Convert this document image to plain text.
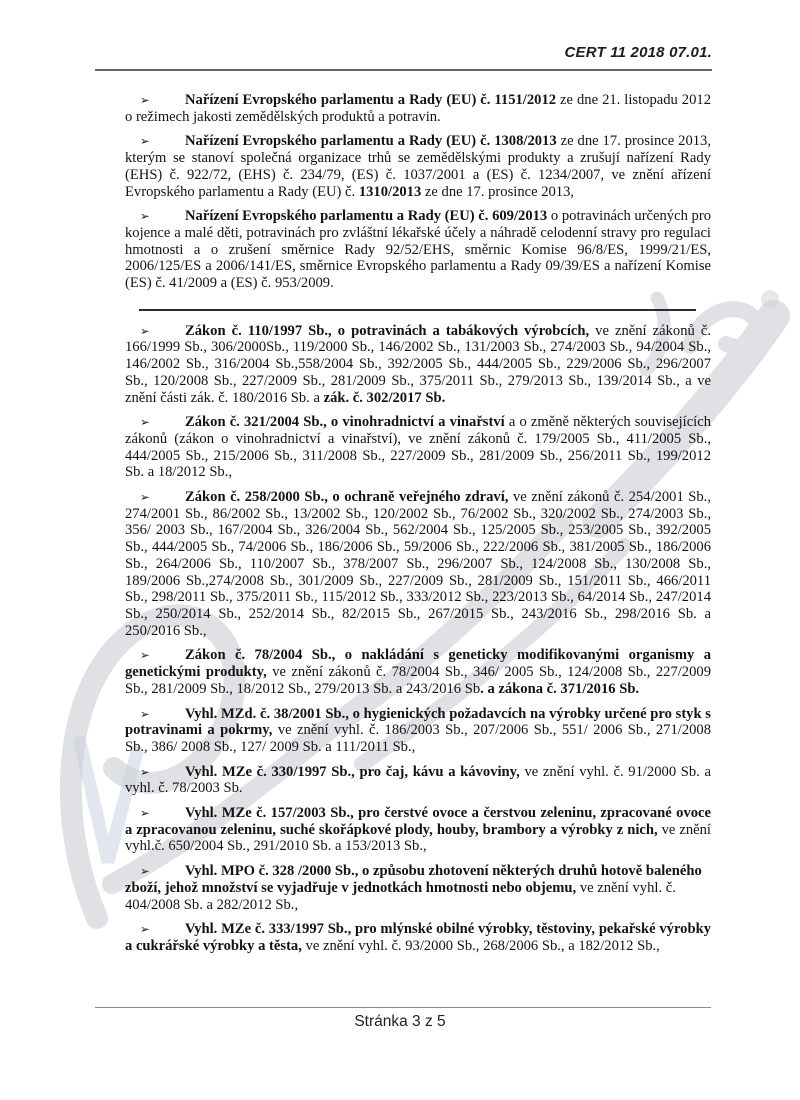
CERT 11 2018 07.01.

➢ Nařízení Evropského parlamentu a Rady (EU) č. 1151/2012 ze dne 21. listopadu 2012 o režimech jakosti zemědělských produktů a potravin.

➢ Nařízení Evropského parlamentu a Rady (EU) č. 1308/2013 ze dne 17. prosince 2013, kterým se stanoví společná organizace trhů se zemědělskými produkty a zrušují nařízení Rady (EHS) č. 922/72, (EHS) č. 234/79, (ES) č. 1037/2001 a (ES) č. 1234/2007, ve znění ařízení Evropského parlamentu a Rady (EU) č. 1310/2013 ze dne 17. prosince 2013,

➢ Nařízení Evropského parlamentu a Rady (EU) č. 609/2013 o potravinách určených pro kojence a malé děti, potravinách pro zvláštní lékařské účely a náhradě celodenní stravy pro regulaci hmotnosti a o zrušení směrnice Rady 92/52/EHS, směrnic Komise 96/8/ES, 1999/21/ES, 2006/125/ES a 2006/141/ES, směrnice Evropského parlamentu a Rady 09/39/ES a nařízení Komise (ES) č. 41/2009 a (ES) č. 953/2009.

➢ Zákon č. 110/1997 Sb., o potravinách a tabákových výrobcích, ve znění zákonů č. 166/1999 Sb., 306/2000Sb., 119/2000 Sb., 146/2002 Sb., 131/2003 Sb., 274/2003 Sb., 94/2004 Sb., 146/2002 Sb., 316/2004 Sb.,558/2004 Sb., 392/2005 Sb., 444/2005 Sb., 229/2006 Sb., 296/2007 Sb., 120/2008 Sb., 227/2009 Sb., 281/2009 Sb., 375/2011 Sb., 279/2013 Sb., 139/2014 Sb., a ve znění části zák. č. 180/2016 Sb. a zák. č. 302/2017 Sb.

➢ Zákon č. 321/2004 Sb., o vinohradnictví a vinařství a o změně některých souvisejících zákonů (zákon o vinohradnictví a vinařství), ve znění zákonů č. 179/2005 Sb., 411/2005 Sb., 444/2005 Sb., 215/2006 Sb., 311/2008 Sb., 227/2009 Sb., 281/2009 Sb., 256/2011 Sb., 199/2012 Sb. a 18/2012 Sb.,

➢ Zákon č. 258/2000 Sb., o ochraně veřejného zdraví, ve znění zákonů č. 254/2001 Sb., 274/2001 Sb., 86/2002 Sb., 13/2002 Sb., 120/2002 Sb., 76/2002 Sb., 320/2002 Sb., 274/2003 Sb., 356/ 2003 Sb., 167/2004 Sb., 326/2004 Sb., 562/2004 Sb., 125/2005 Sb., 253/2005 Sb., 392/2005 Sb., 444/2005 Sb., 74/2006 Sb., 186/2006 Sb., 59/2006 Sb., 222/2006 Sb., 381/2005 Sb., 186/2006 Sb., 264/2006 Sb., 110/2007 Sb., 378/2007 Sb., 296/2007 Sb., 124/2008 Sb., 130/2008 Sb., 189/2006 Sb.,274/2008 Sb., 301/2009 Sb., 227/2009 Sb., 281/2009 Sb., 151/2011 Sb., 466/2011 Sb., 298/2011 Sb., 375/2011 Sb., 115/2012 Sb., 333/2012 Sb., 223/2013 Sb., 64/2014 Sb., 247/2014 Sb., 250/2014 Sb., 252/2014 Sb., 82/2015 Sb., 267/2015 Sb., 243/2016 Sb., 298/2016 Sb. a 250/2016 Sb.,

➢ Zákon č. 78/2004 Sb., o nakládání s geneticky modifikovanými organismy a genetickými produkty, ve znění zákonů č. 78/2004 Sb., 346/ 2005 Sb., 124/2008 Sb., 227/2009 Sb., 281/2009 Sb., 18/2012 Sb., 279/2013 Sb. a 243/2016 Sb. a zákona č. 371/2016 Sb.

➢ Vyhl. MZd. č. 38/2001 Sb., o hygienických požadavcích na výrobky určené pro styk s potravinami a pokrmy, ve znění vyhl. č. 186/2003 Sb., 207/2006 Sb., 551/ 2006 Sb., 271/2008 Sb., 386/ 2008 Sb., 127/ 2009 Sb. a 111/2011 Sb.,

➢ Vyhl. MZe č. 330/1997 Sb., pro čaj, kávu a kávoviny, ve znění vyhl. č. 91/2000 Sb. a vyhl. č. 78/2003 Sb.

➢ Vyhl. MZe č. 157/2003 Sb., pro čerstvé ovoce a čerstvou zeleninu, zpracované ovoce a zpracovanou zeleninu, suché skořápkové plody, houby, brambory a výrobky z nich, ve znění vyhl.č. 650/2004 Sb., 291/2010 Sb. a 153/2013 Sb.,

➢ Vyhl. MPO č. 328 /2000 Sb., o způsobu zhotovení některých druhů hotově baleného zboží, jehož množství se vyjadřuje v jednotkách hmotnosti nebo objemu, ve znění vyhl. č. 404/2008 Sb. a 282/2012 Sb.,

➢ Vyhl. MZe č. 333/1997 Sb., pro mlýnské obilné výrobky, těstoviny, pekařské výrobky a cukrářské výrobky a těsta, ve znění vyhl. č. 93/2000 Sb., 268/2006 Sb., a 182/2012 Sb.,

Stránka 3 z 5
